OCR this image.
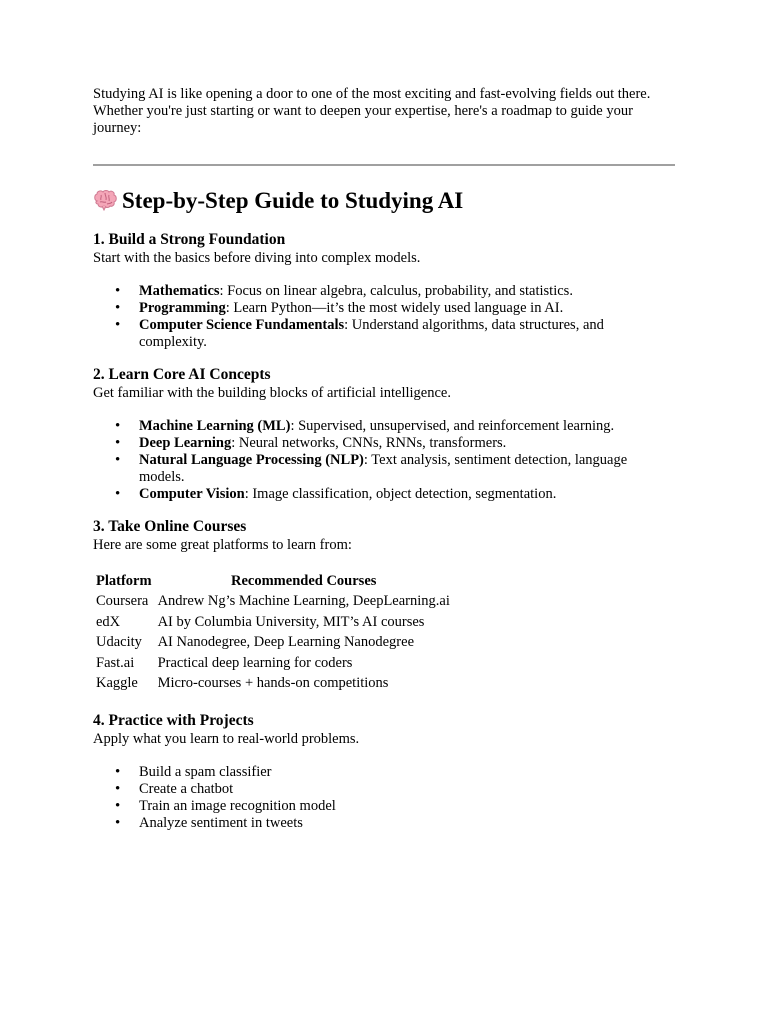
Studying AI is like opening a door to one of the most exciting and fast-evolving fields out there. Whether you're just starting or want to deepen your expertise, here's a roadmap to guide your journey:

Step-by-Step Guide to Studying AI
1. Build a Strong Foundation

Start with the basics before diving into complex models.

• Mathematics: Focus on linear algebra, calculus, probability, and statistics.
• Programming: Learn Python—it’s the most widely used language in AI.
• Computer Science Fundamentals: Understand algorithms, data structures, and complexity.
2. Learn Core AI Concepts

Get familiar with the building blocks of artificial intelligence.

• Machine Learning (ML): Supervised, unsupervised, and reinforcement learning.
• Deep Learning: Neural networks, CNNs, RNNs, transformers.
• Natural Language Processing (NLP): Text analysis, sentiment detection, language models.
• Computer Vision: Image classification, object detection, segmentation.
3. Take Online Courses

Here are some great platforms to learn from:

Platform	Recommended Courses
Coursera	Andrew Ng’s Machine Learning, DeepLearning.ai
edX	AI by Columbia University, MIT’s AI courses
Udacity	AI Nanodegree, Deep Learning Nanodegree
Fast.ai	Practical deep learning for coders
Kaggle	Micro-courses + hands-on competitions
4. Practice with Projects

Apply what you learn to real-world problems.

• Build a spam classifier
• Create a chatbot
• Train an image recognition model
• Analyze sentiment in tweets
